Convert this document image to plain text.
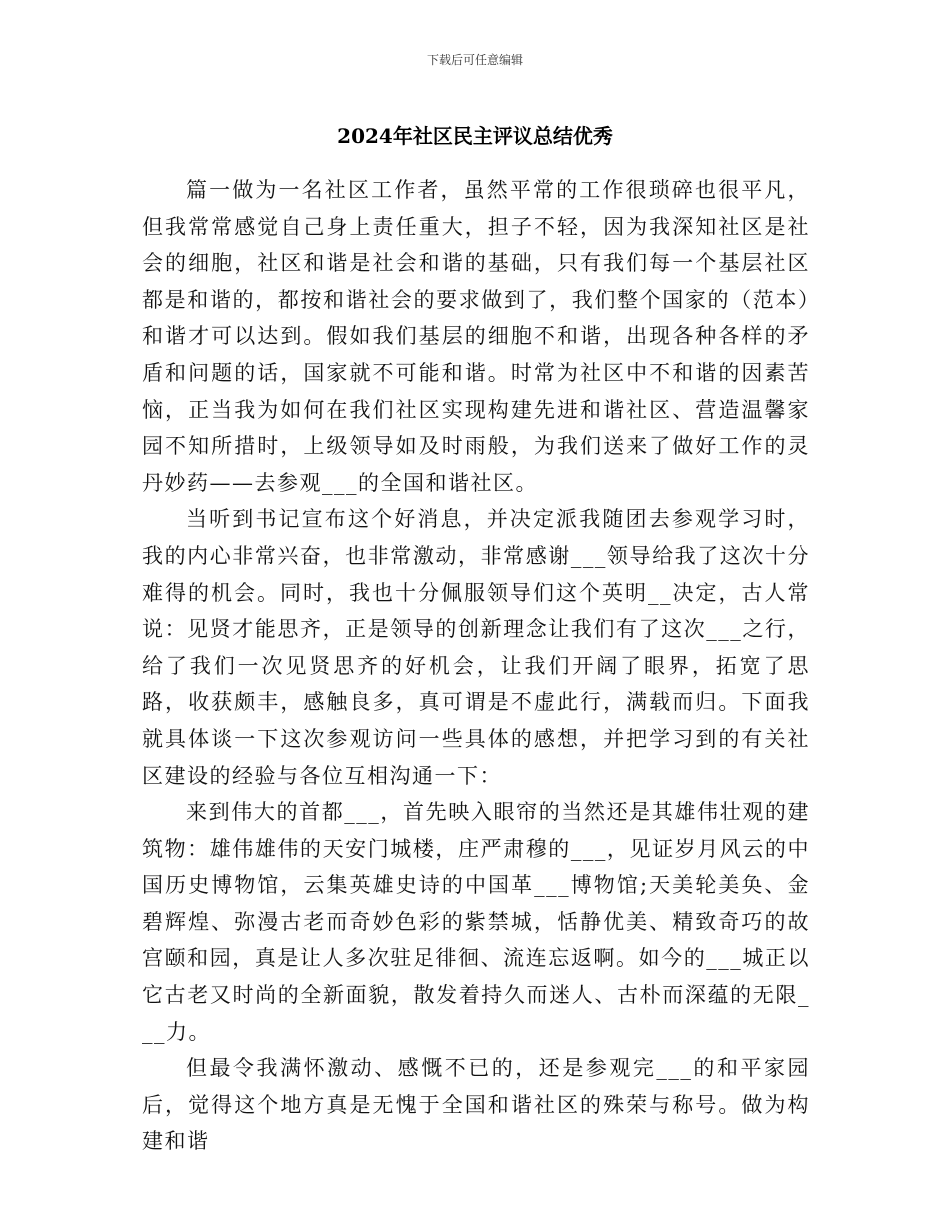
下载后可任意编辑
2024年社区民主评议总结优秀

篇一做为一名社区工作者，虽然平常的工作很琐碎也很平凡，但我常常感觉自己身上责任重大，担子不轻，因为我深知社区是社会的细胞，社区和谐是社会和谐的基础，只有我们每一个基层社区都是和谐的，都按和谐社会的要求做到了，我们整个国家的（范本）和谐才可以达到。假如我们基层的细胞不和谐，出现各种各样的矛盾和问题的话，国家就不可能和谐。时常为社区中不和谐的因素苦恼，正当我为如何在我们社区实现构建先进和谐社区、营造温馨家园不知所措时，上级领导如及时雨般，为我们送来了做好工作的灵丹妙药——去参观___的全国和谐社区。

当听到书记宣布这个好消息，并决定派我随团去参观学习时，我的内心非常兴奋，也非常激动，非常感谢___领导给我了这次十分难得的机会。同时，我也十分佩服领导们这个英明__决定，古人常说：见贤才能思齐，正是领导的创新理念让我们有了这次___之行，给了我们一次见贤思齐的好机会，让我们开阔了眼界，拓宽了思路，收获颇丰，感触良多，真可谓是不虚此行，满载而归。下面我就具体谈一下这次参观访问一些具体的感想，并把学习到的有关社区建设的经验与各位互相沟通一下：

来到伟大的首都___，首先映入眼帘的当然还是其雄伟壮观的建筑物：雄伟雄伟的天安门城楼，庄严肃穆的___，见证岁月风云的中国历史博物馆，云集英雄史诗的中国革___博物馆;天美轮美奂、金碧辉煌、弥漫古老而奇妙色彩的紫禁城，恬静优美、精致奇巧的故宫颐和园，真是让人多次驻足徘徊、流连忘返啊。如今的___城正以它古老又时尚的全新面貌，散发着持久而迷人、古朴而深蕴的无限___力。

但最令我满怀激动、感慨不已的，还是参观完___的和平家园后，觉得这个地方真是无愧于全国和谐社区的殊荣与称号。做为构建和谐
